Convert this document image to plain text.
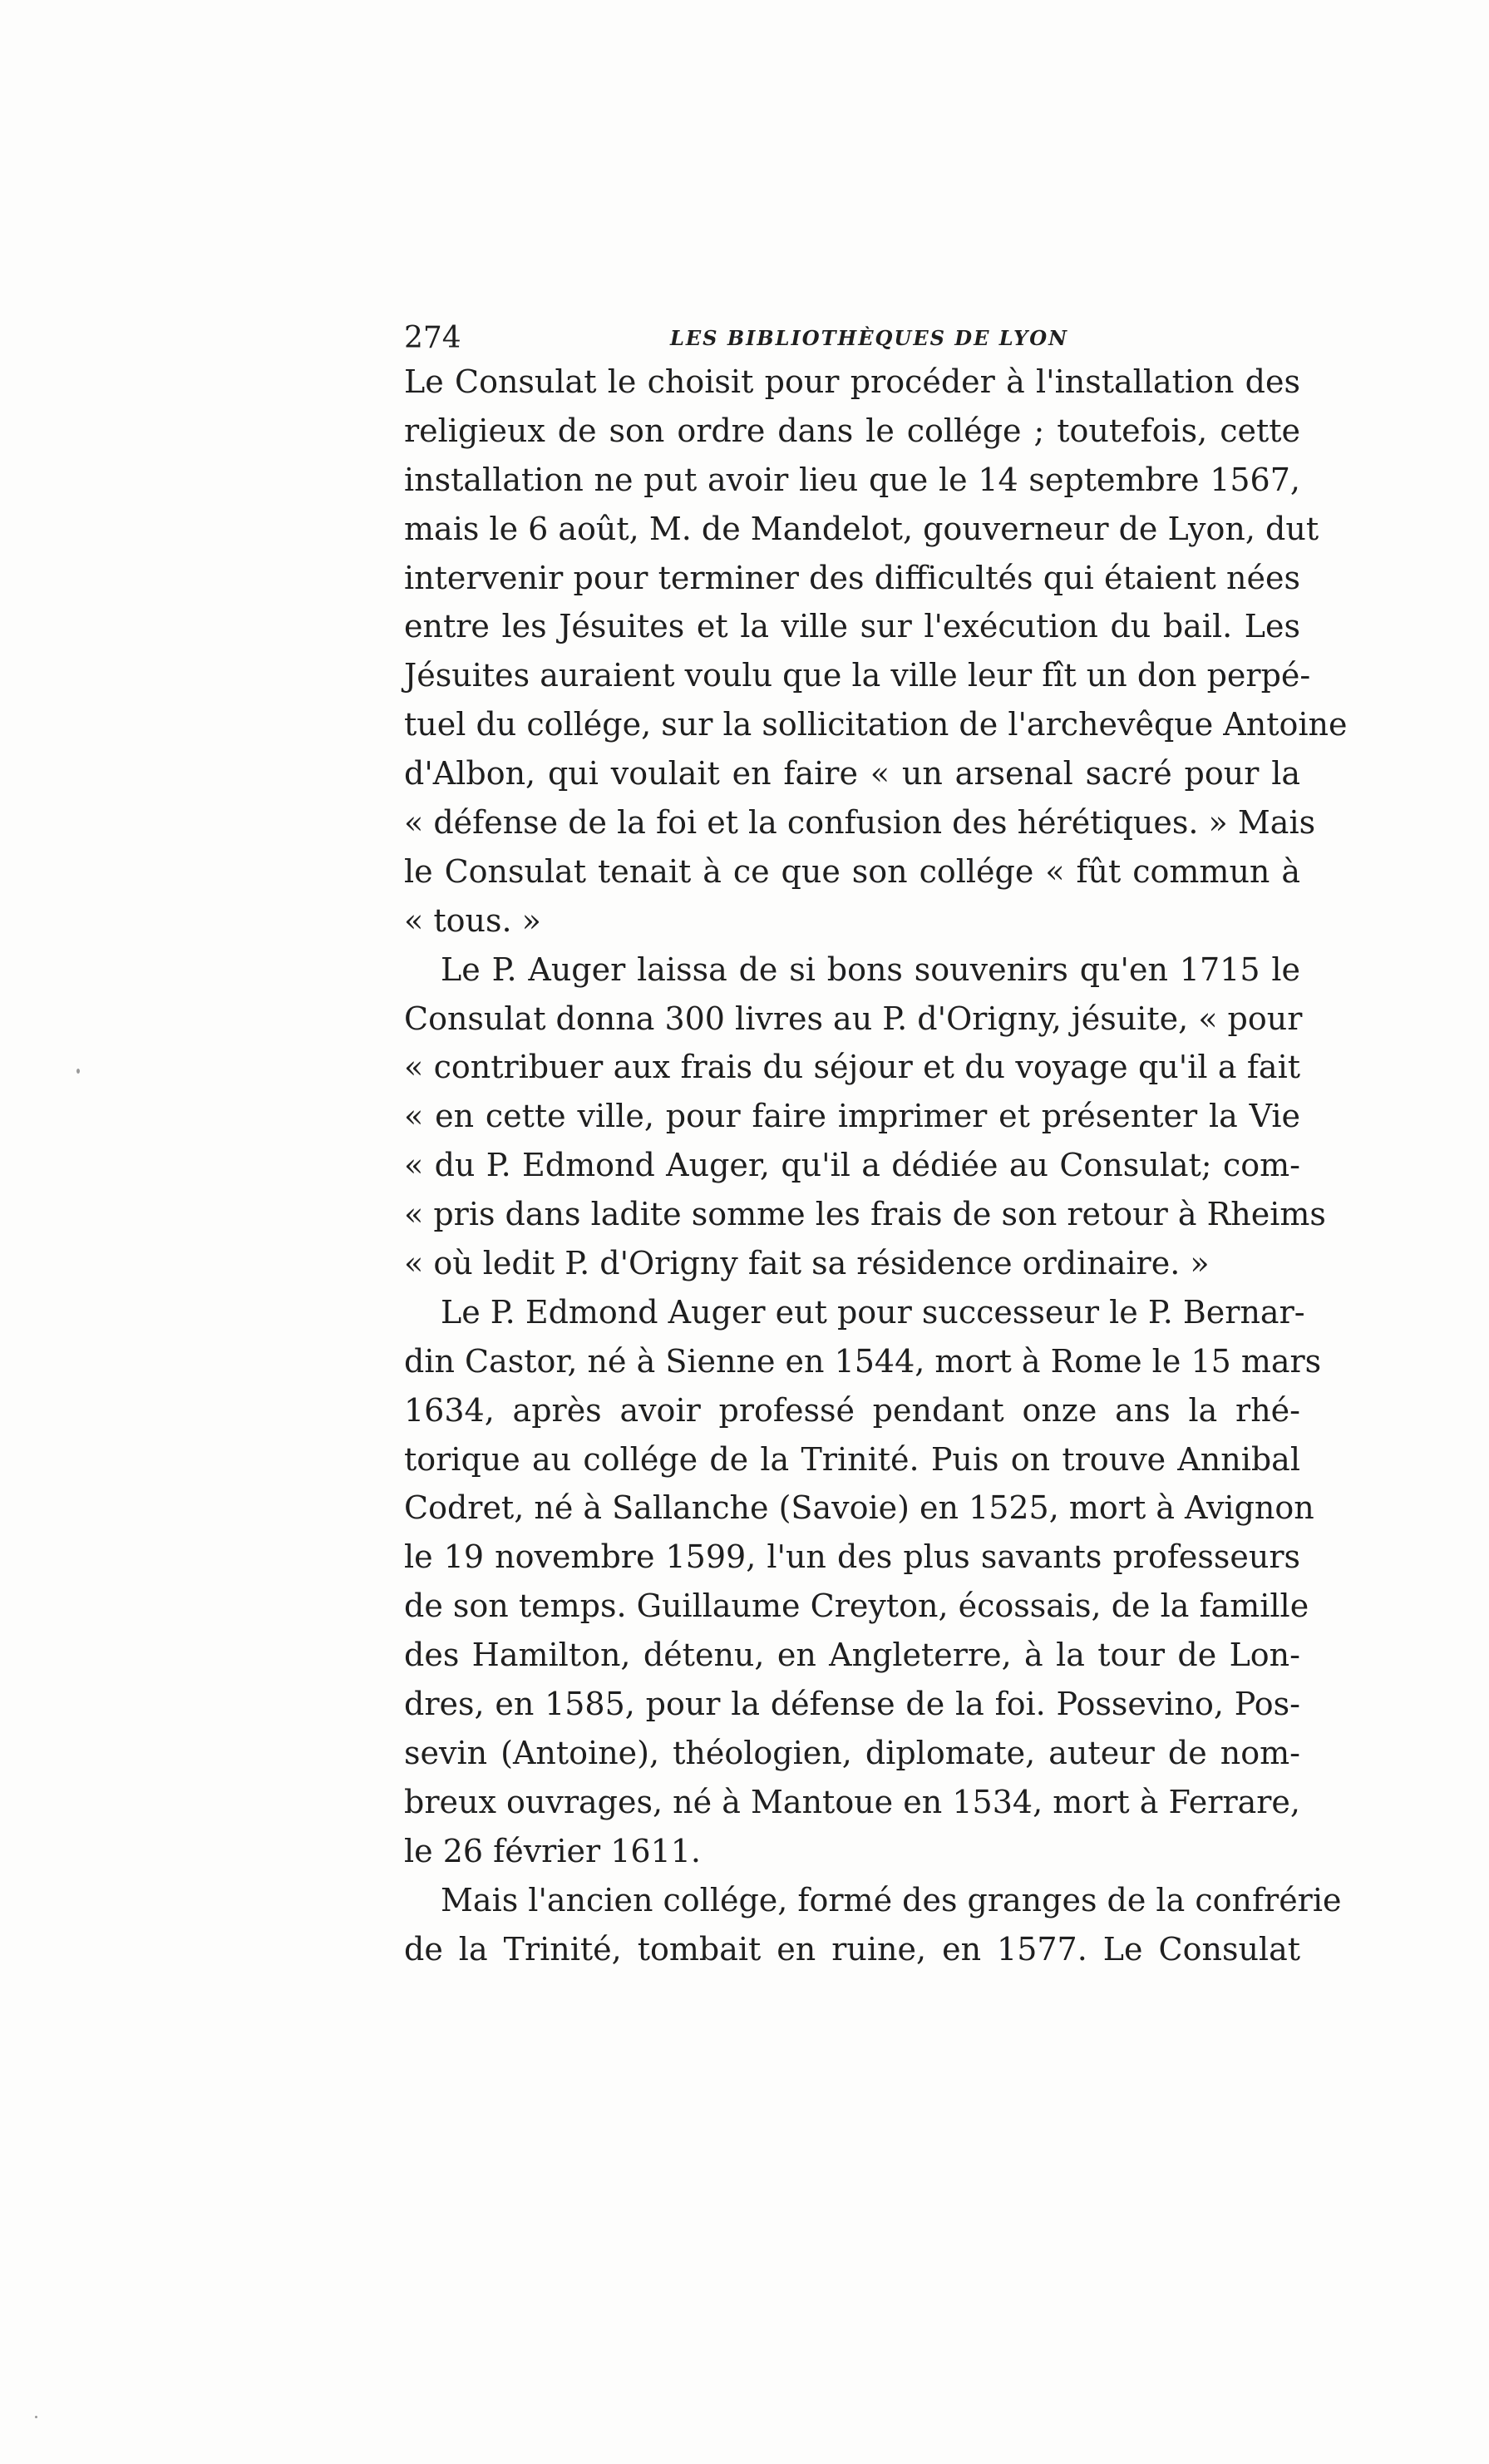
274	LES BIBLIOTHÈQUES DE LYON
Le Consulat le choisit pour procéder à l'installation des
religieux de son ordre dans le collége ; toutefois, cette
installation ne put avoir lieu que le 14 septembre 1567,
mais le 6 août, M. de Mandelot, gouverneur de Lyon, dut
intervenir pour terminer des difficultés qui étaient nées
entre les Jésuites et la ville sur l'exécution du bail. Les
Jésuites auraient voulu que la ville leur fît un don perpé-
tuel du collége, sur la sollicitation de l'archevêque Antoine
d'Albon, qui voulait en faire « un arsenal sacré pour la
« défense de la foi et la confusion des hérétiques. » Mais
le Consulat tenait à ce que son collége « fût commun à
« tous. »
Le P. Auger laissa de si bons souvenirs qu'en 1715 le
Consulat donna 300 livres au P. d'Origny, jésuite, « pour
« contribuer aux frais du séjour et du voyage qu'il a fait
« en cette ville, pour faire imprimer et présenter la Vie
« du P. Edmond Auger, qu'il a dédiée au Consulat; com-
« pris dans ladite somme les frais de son retour à Rheims
« où ledit P. d'Origny fait sa résidence ordinaire. »
Le P. Edmond Auger eut pour successeur le P. Bernar-
din Castor, né à Sienne en 1544, mort à Rome le 15 mars
1634, après avoir professé pendant onze ans la rhé-
torique au collége de la Trinité. Puis on trouve Annibal
Codret, né à Sallanche (Savoie) en 1525, mort à Avignon
le 19 novembre 1599, l'un des plus savants professeurs
de son temps. Guillaume Creyton, écossais, de la famille
des Hamilton, détenu, en Angleterre, à la tour de Lon-
dres, en 1585, pour la défense de la foi. Possevino, Pos-
sevin (Antoine), théologien, diplomate, auteur de nom-
breux ouvrages, né à Mantoue en 1534, mort à Ferrare,
le 26 février 1611.
Mais l'ancien collége, formé des granges de la confrérie
de la Trinité, tombait en ruine, en 1577. Le Consulat
